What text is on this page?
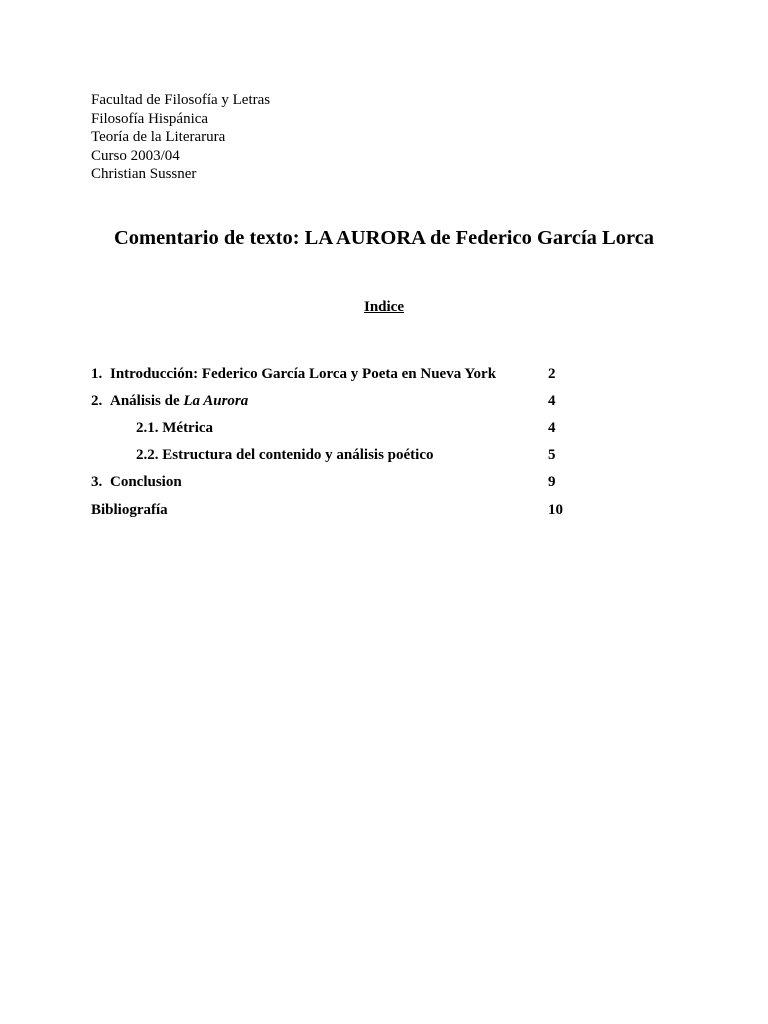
Facultad de Filosofía y Letras
Filosofía Hispánica
Teoría de la Literarura
Curso 2003/04
Christian Sussner
Comentario de texto: LA AURORA de Federico García Lorca
Indice
1. Introducción: Federico García Lorca y Poeta en Nueva York	2
2. Análisis de La Aurora	4
2.1. Métrica	4
2.2. Estructura del contenido y análisis poético	5
3. Conclusion	9
Bibliografía	10
